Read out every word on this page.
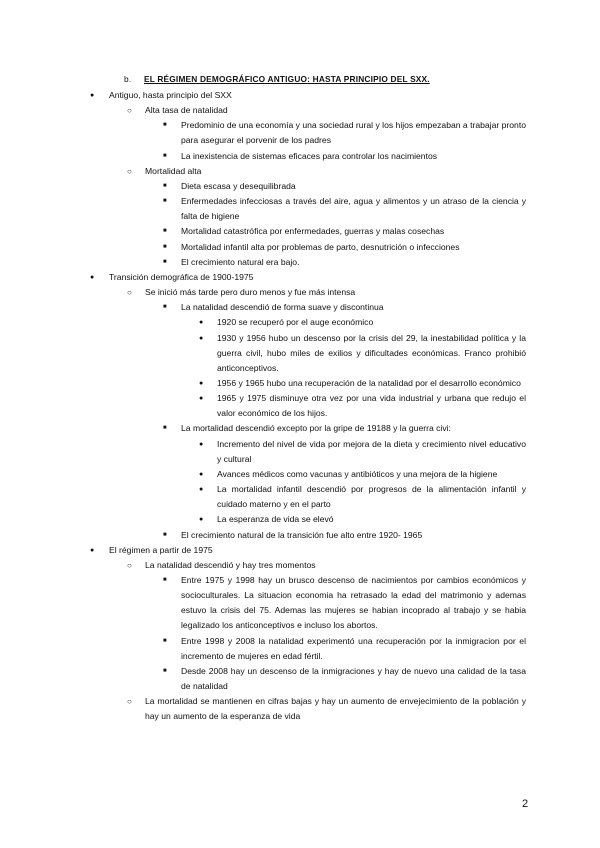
b. EL RÉGIMEN DEMOGRÁFICO ANTIGUO: HASTA PRINCIPIO DEL SXX.
● Antiguo, hasta principio del SXX
○ Alta tasa de natalidad
■ Predominio de una economía y una sociedad rural y los hijos empezaban a trabajar pronto para asegurar el porvenir de los padres
■ La inexistencia de sistemas eficaces para controlar los nacimientos
○ Mortalidad alta
■ Dieta escasa y desequilibrada
■ Enfermedades infecciosas a través del aire, agua y alimentos y un atraso de la ciencia y falta de higiene
■ Mortalidad catastrófica por enfermedades, guerras y malas cosechas
■ Mortalidad infantil alta por problemas de parto, desnutrición o infecciones
■ El crecimiento natural era bajo.
● Transición demográfica de 1900-1975
○ Se inició más tarde pero duro menos y fue más intensa
■ La natalidad descendió de forma suave y discontinua
● 1920 se recuperó por el auge económico
● 1930 y 1956 hubo un descenso por la crisis del 29, la inestabilidad política y la guerra civil, hubo miles de exilios y dificultades económicas. Franco prohibió anticonceptivos.
● 1956 y 1965 hubo una recuperación de la natalidad por el desarrollo económico
● 1965 y 1975 disminuye otra vez por una vida industrial y urbana que redujo el valor económico de los hijos.
■ La mortalidad descendió excepto por la gripe de 19188 y la guerra civi:
● Incremento del nivel de vida por mejora de la dieta y crecimiento nivel educativo y cultural
● Avances médicos como vacunas y antibióticos y una mejora de la higiene
● La mortalidad infantil descendió por progresos de la alimentación infantil y cuidado materno y en el parto
● La esperanza de vida se elevó
■ El crecimiento natural de la transición fue alto entre 1920- 1965
● El régimen a partir de 1975
○ La natalidad descendió y hay tres momentos
■ Entre 1975 y 1998 hay un brusco descenso de nacimientos por cambios económicos y socioculturales. La situacion economia ha retrasado la edad del matrimonio y ademas estuvo la crisis del 75. Ademas las mujeres se habian incoprado al trabajo y se habia legalizado los anticonceptivos e incluso los abortos.
■ Entre 1998 y 2008 la natalidad experimentó una recuperación por la inmigracion por el incremento de mujeres en edad fértil.
■ Desde 2008 hay un descenso de la inmigraciones y hay de nuevo una calidad de la tasa de natalidad
○ La mortalidad se mantienen en cifras bajas y hay un aumento de envejecimiento de la población y hay un aumento de la esperanza de vida
2
